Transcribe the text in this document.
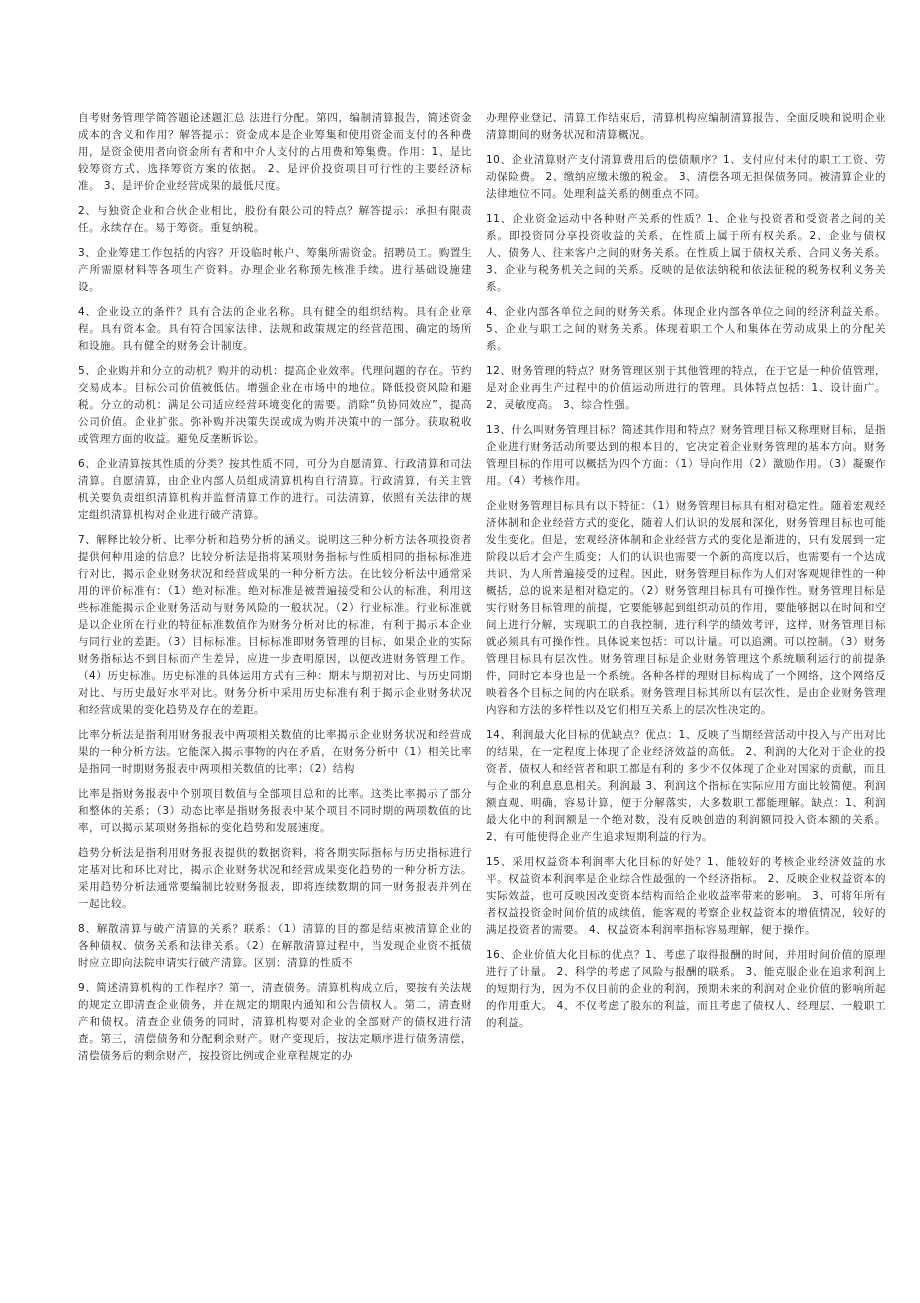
自考财务管理学简答题论述题汇总 法进行分配。第四，编制清算报告，简述资金成本的含义和作用？解答提示：资金成本是企业筹集和使用资金而支付的各种费用，是资金使用者向资金所有者和中介人支付的占用费和筹集费。作用：1、是比较筹资方式、选择筹资方案的依据。 2、是评价投资项目可行性的主要经济标准。 3、是评价企业经营成果的最低尺度。

2、与独资企业和合伙企业相比，股份有限公司的特点？解答提示：承担有限责任。永续存在。易于筹资。重复纳税。

3、企业筹建工作包括的内容？开设临时帐户、筹集所需资金。招聘员工。购置生产所需原材料等各项生产资料。办理企业名称预先核准手续。进行基础设施建设。

4、企业设立的条件？具有合法的企业名称。具有健全的组织结构。具有企业章程。具有资本金。具有符合国家法律、法规和政策规定的经营范围、确定的场所和设施。具有健全的财务会计制度。

5、企业购并和分立的动机？购并的动机：提高企业效率。代理问题的存在。节约交易成本。目标公司价值被低估。增强企业在市场中的地位。降低投资风险和避税。分立的动机：满足公司适应经营环境变化的需要。消除“负协同效应”，提高公司价值。企业扩张。弥补购并决策失误或成为购并决策中的一部分。获取税收或管理方面的收益。避免反垄断诉讼。

6、企业清算按其性质的分类？按其性质不同，可分为自愿清算、行政清算和司法清算。自愿清算，由企业内部人员组成清算机构自行清算。行政清算，有关主管机关要负责组织清算机构并监督清算工作的进行。司法清算，依照有关法律的规定组织清算机构对企业进行破产清算。

7、解释比较分析、比率分析和趋势分析的涵义。说明这三种分析方法各项投资者提供何种用途的信息？比较分析法是指将某项财务指标与性质相同的指标标准进行对比，揭示企业财务状况和经营成果的一种分析方法。在比较分析法中通常采用的评价标准有：（1）绝对标准。绝对标准是被普遍接受和公认的标准，利用这些标准能揭示企业财务活动与财务风险的一般状况。（2）行业标准。行业标准就是以企业所在行业的特征标准数值作为财务分析对比的标准，有利于揭示本企业与同行业的差距。（3）目标标准。目标标准即财务管理的目标，如果企业的实际财务指标达不到目标而产生差异，应进一步查明原因，以便改进财务管理工作。（4）历史标准。历史标准的具体运用方式有三种：期末与期初对比、与历史同期对比、与历史最好水平对比。财务分析中采用历史标准有利于揭示企业财务状况和经营成果的变化趋势及存在的差距。

比率分析法是指利用财务报表中两项相关数值的比率揭示企业财务状况和经营成果的一种分析方法。它能深入揭示事物的内在矛盾，在财务分析中（1）相关比率是指同一时期财务报表中两项相关数值的比率；（2）结构

比率是指财务报表中个别项目数值与全部项目总和的比率。这类比率揭示了部分和整体的关系；（3）动态比率是指财务报表中某个项目不同时期的两项数值的比率，可以揭示某项财务指标的变化趋势和发展速度。

趋势分析法是指利用财务报表提供的数据资料，将各期实际指标与历史指标进行定基对比和环比对比，揭示企业财务状况和经营成果变化趋势的一种分析方法。采用趋势分析法通常要编制比较财务报表，即将连续数期的同一财务报表并列在一起比较。

8、解散清算与破产清算的关系？联系：（1）清算的目的都是结束被清算企业的各种债权、债务关系和法律关系。（2）在解散清算过程中，当发现企业资不抵债时应立即向法院申请实行破产清算。区别：清算的性质不

9、简述清算机构的工作程序？第一，清查债务。清算机构成立后，要按有关法规的规定立即清查企业债务，并在规定的期限内通知和公告债权人。第二，清查财产和债权。清查企业债务的同时，清算机构要对企业的全部财产的债权进行清查。第三，清偿债务和分配剩余财产。财产变现后，按法定顺序进行债务清偿，清偿债务后的剩余财产，按投资比例或企业章程规定的办

办理停业登记、清算工作结束后，清算机构应编制清算报告、全面反映和说明企业清算期间的财务状况和清算概况。

10、企业清算财产支付清算费用后的偿债顺序？1、支付应付未付的职工工资、劳动保险费。 2、缴纳应缴未缴的税金。 3、清偿各项无担保债务同。被清算企业的法律地位不同。处理利益关系的侧重点不同。

11、企业资金运动中各种财产关系的性质？1、企业与投资者和受资者之间的关系。即投资同分享投资收益的关系，在性质上属于所有权关系。2、企业与债权人、债务人、往来客户之间的财务关系。在性质上属于债权关系、合同义务关系。 3、企业与税务机关之间的关系。反映的是依法纳税和依法征税的税务权利义务关系。

4、企业内部各单位之间的财务关系。体现企业内部各单位之间的经济利益关系。 5、企业与职工之间的财务关系。体现着职工个人和集体在劳动成果上的分配关系。

12、财务管理的特点？财务管理区别于其他管理的特点，在于它是一种价值管理，是对企业再生产过程中的价值运动所进行的管理。具体特点包括：1、设计面广。 2、灵敏度高。 3、综合性强。

13、什么叫财务管理目标？简述其作用和特点？财务管理目标又称理财目标，是指企业进行财务活动所要达到的根本目的，它决定着企业财务管理的基本方向。财务管理目标的作用可以概括为四个方面：（1）导向作用（2）激励作用。（3）凝聚作用。（4）考核作用。

企业财务管理目标具有以下特征：（1）财务管理目标具有相对稳定性。随着宏观经济体制和企业经营方式的变化，随着人们认识的发展和深化，财务管理目标也可能发生变化。但是，宏观经济体制和企业经营方式的变化是渐进的，只有发展到一定阶段以后才会产生质变；人们的认识也需要一个新的高度以后，也需要有一个达成共识、为人所普遍接受的过程。因此，财务管理目标作为人们对客观规律性的一种概括，总的说来是相对稳定的。（2）财务管理目标具有可操作性。财务管理目标是实行财务目标管理的前提，它要能够起到组织动员的作用，要能够据以在时间和空间上进行分解，实现职工的自我控制，进行科学的绩效考评，这样，财务管理目标就必须具有可操作性。具体说来包括：可以计量。可以追溯。可以控制。（3）财务管理目标具有层次性。财务管理目标是企业财务管理这个系统顺利运行的前提条件，同时它本身也是一个系统。各种各样的理财目标构成了一个网络，这个网络反映着各个目标之间的内在联系。财务管理目标其所以有层次性，是由企业财务管理内容和方法的多样性以及它们相互关系上的层次性决定的。

14、利润最大化目标的优缺点？优点：1、反映了当期经营活动中投入与产出对比的结果，在一定程度上体现了企业经济效益的高低。 2、利润的大化对于企业的投资者、债权人和经营者和职工都是有利的 多少不仅体现了企业对国家的贡献，而且与企业的利息息息相关。利润最 3、利润这个指标在实际应用方面比较简便。利润额直观、明确，容易计算，便于分解落实，大多数职工都能理解。缺点：1、利润最大化中的利润额是一个绝对数，没有反映创造的利润额同投入资本额的关系。 2、有可能使得企业产生追求短期利益的行为。

15、采用权益资本利润率大化目标的好处？1、能较好的考核企业经济效益的水平。权益资本利润率是企业综合性最强的一个经济指标。 2、反映企业权益资本的实际效益，也可反映因改变资本结构而给企业收益率带来的影响。 3、可将年所有者权益投资金时间价值的成续值，能客观的考察企业权益资本的增值情况，较好的满足投资者的需要。 4、权益资本利润率指标容易理解，便于操作。

16、企业价值大化目标的优点？1、考虑了取得报酬的时间，并用时间价值的原理进行了计量。 2、科学的考虑了风险与报酬的联系。 3、能克服企业在追求利润上的短期行为，因为不仅目前的企业的利润，预期未来的利润对企业价值的影响所起的作用重大。 4、不仅考虑了股东的利益，而且考虑了债权人、经理层、一般职工的利益。
